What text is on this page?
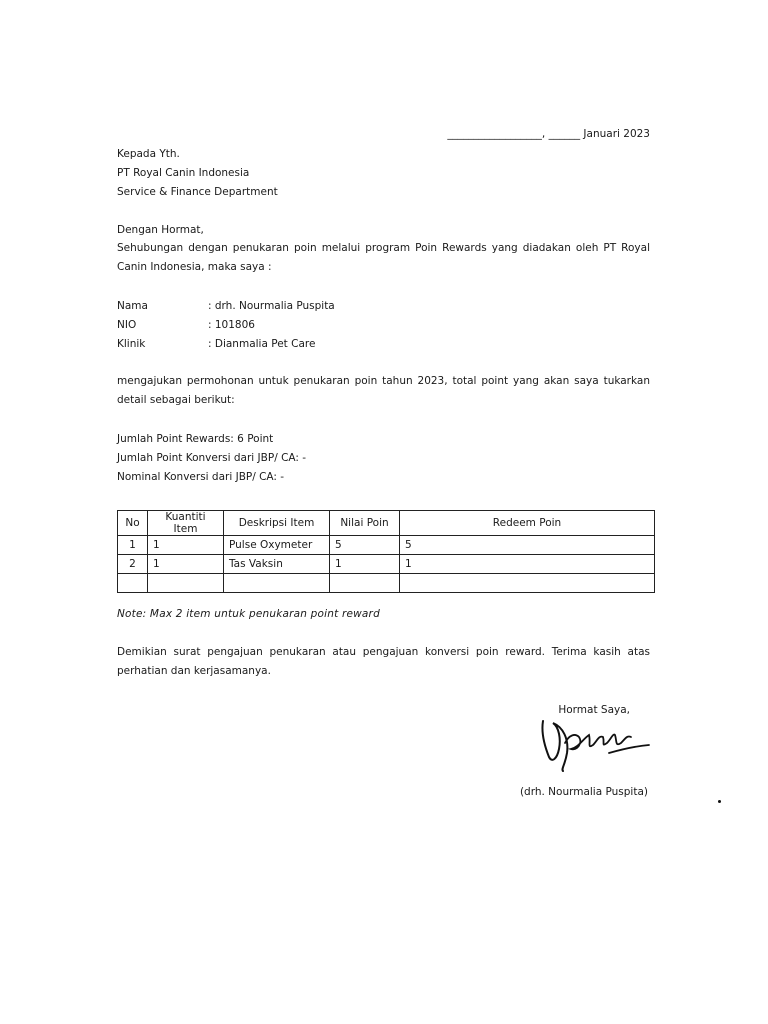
__________________, ______ Januari 2023
Kepada Yth.
PT Royal Canin Indonesia
Service & Finance Department
Dengan Hormat,
Sehubungan dengan penukaran poin melalui program Poin Rewards yang diadakan oleh PT Royal Canin Indonesia, maka saya :
Nama	: drh. Nourmalia Puspita
NIO	: 101806
Klinik	: Dianmalia Pet Care
mengajukan permohonan untuk penukaran poin tahun 2023, total point yang akan saya tukarkan detail sebagai berikut:
Jumlah Point Rewards: 6 Point
Jumlah Point Konversi dari JBP/ CA: -
Nominal Konversi dari JBP/ CA: -
No	Kuantiti Item	Deskripsi Item	Nilai Poin	Redeem Poin
1	1	Pulse Oxymeter	5	5
2	1	Tas Vaksin	1	1

Note: Max 2 item untuk penukaran point reward
Demikian surat pengajuan penukaran atau pengajuan konversi poin reward. Terima kasih atas perhatian dan kerjasamanya.
Hormat Saya,
(drh. Nourmalia Puspita)
